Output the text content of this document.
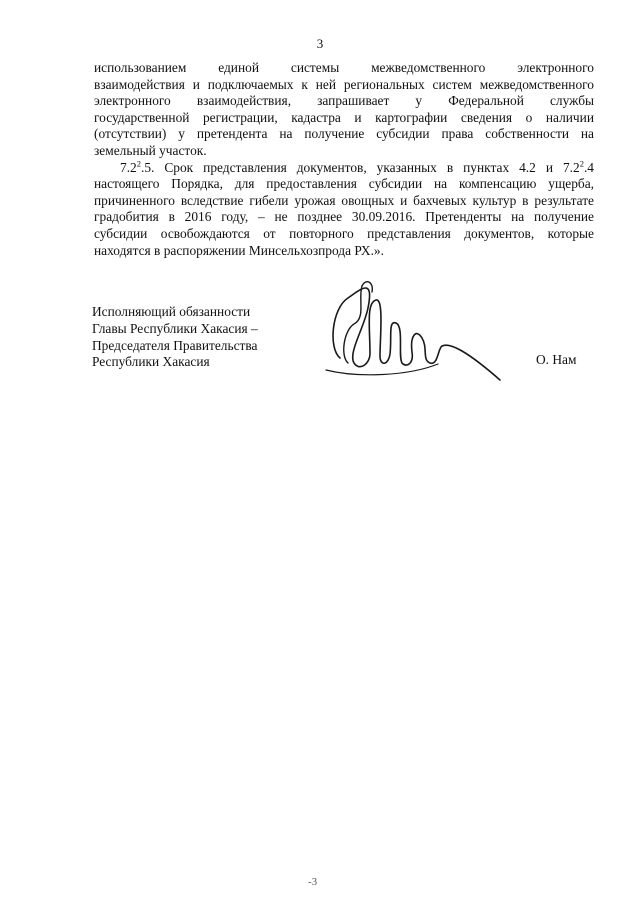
3

использованием единой системы межведомственного электронного
взаимодействия и подключаемых к ней региональных систем межведомственного
электронного взаимодействия, запрашивает у Федеральной службы
государственной регистрации, кадастра и картографии сведения о наличии
(отсутствии) у претендента на получение субсидии права собственности на
земельный участок.

$7.2^2.5$. Срок представления документов, указанных в пунктах 4.2 и $7.2^2.4$
настоящего Порядка, для предоставления субсидии на компенсацию ущерба,
причиненного вследствие гибели урожая овощных и бахчевых культур в результате
градобития в 2016 году, – не позднее 30.09.2016. Претенденты на получение
субсидии освобождаются от повторного представления документов, которые
находятся в распоряжении Минсельхозпрода РХ.».

Исполняющий обязанности
Главы Республики Хакасия –
Председателя Правительства
Республики Хакасия	О. Нам
-3
